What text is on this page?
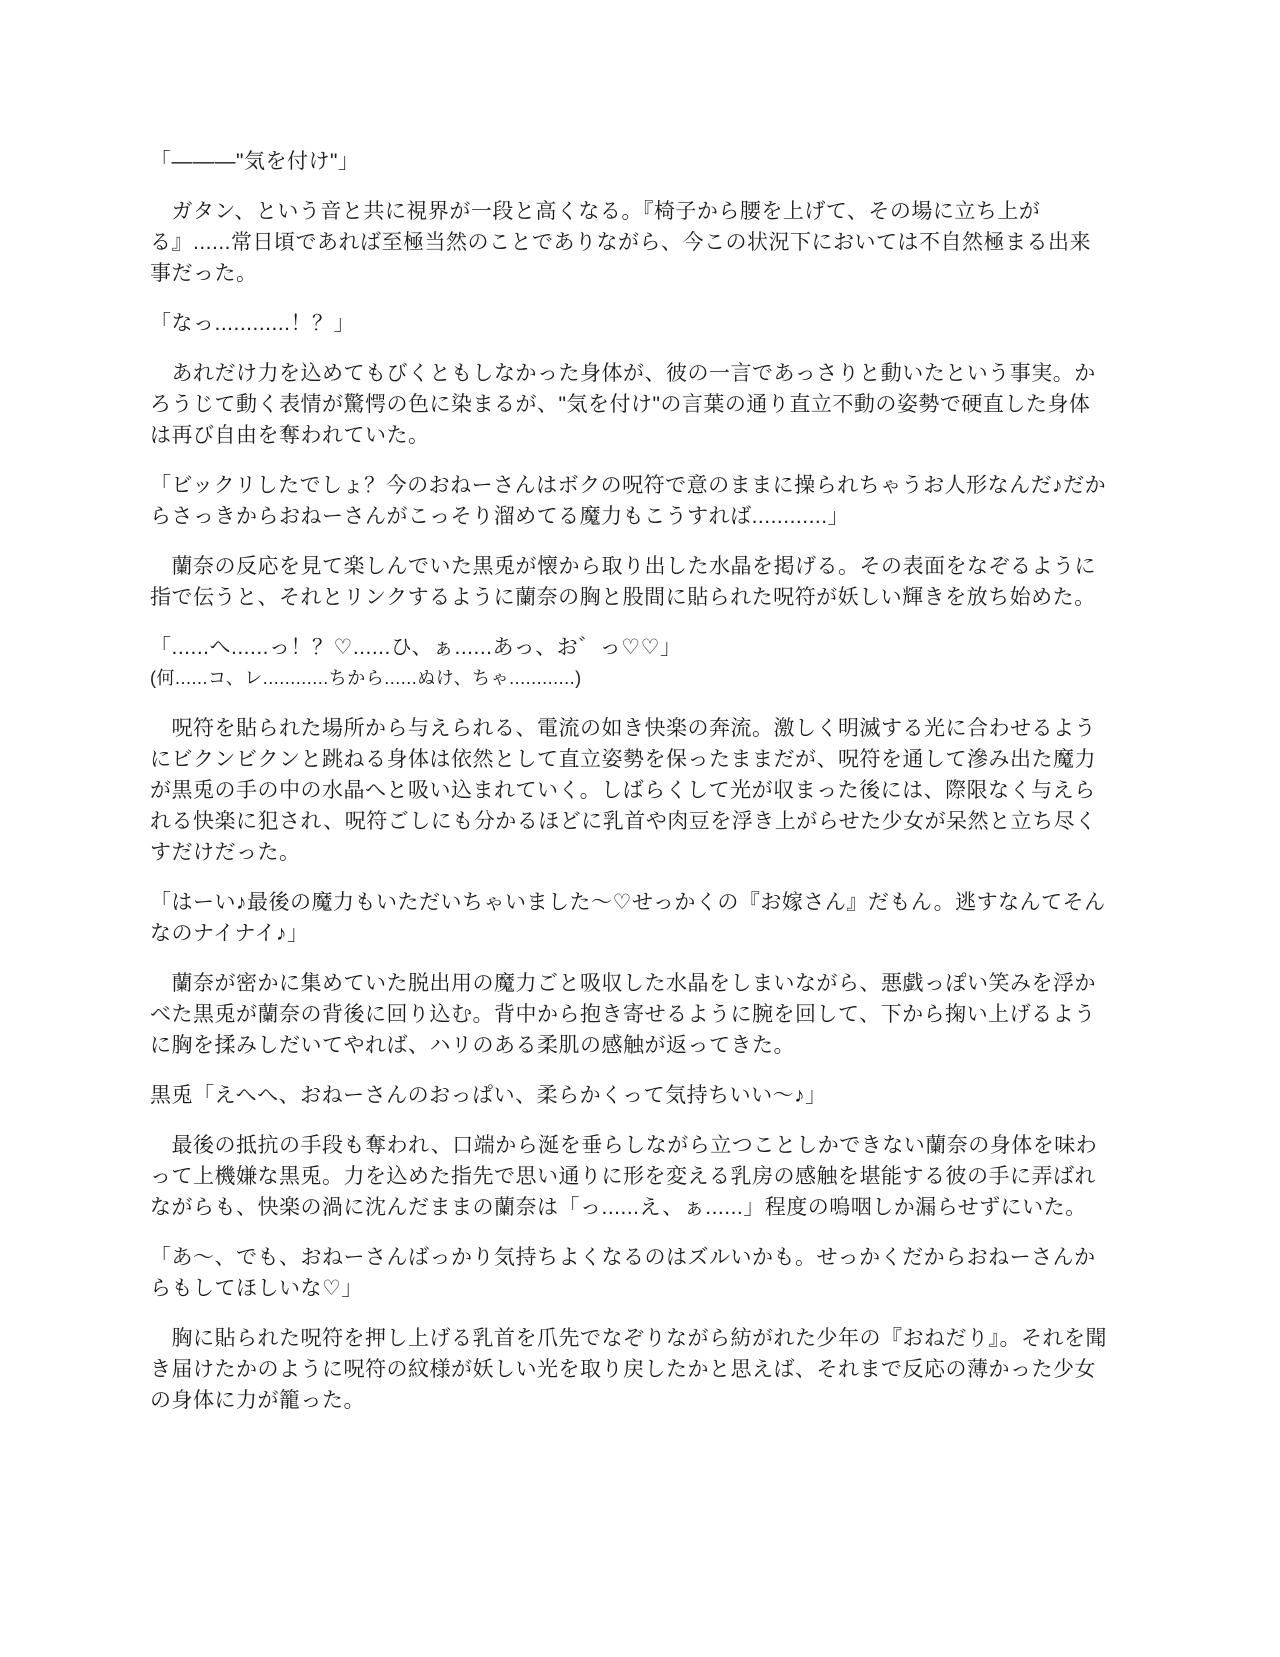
「———"気を付け"」

　ガタン、という音と共に視界が一段と高くなる。『椅子から腰を上げて、その場に立ち上がる』......常日頃であれば至極当然のことでありながら、今この状況下においては不自然極まる出来事だった。

「なっ............！？」

　あれだけ力を込めてもびくともしなかった身体が、彼の一言であっさりと動いたという事実。かろうじて動く表情が驚愕の色に染まるが、"気を付け"の言葉の通り直立不動の姿勢で硬直した身体は再び自由を奪われていた。

「ビックリしたでしょ？今のおねーさんはボクの呪符で意のままに操られちゃうお人形なんだ♪だからさっきからおねーさんがこっそり溜めてる魔力もこうすれば............」

　蘭奈の反応を見て楽しんでいた黒兎が懐から取り出した水晶を掲げる。その表面をなぞるように指で伝うと、それとリンクするように蘭奈の胸と股間に貼られた呪符が妖しい輝きを放ち始めた。

「......へ......っ！？♡......ひ、ぁ......あっ、お゛っ♡♡」

(何......コ、レ............ちから......ぬけ、ちゃ............)

　呪符を貼られた場所から与えられる、電流の如き快楽の奔流。激しく明滅する光に合わせるようにビクンビクンと跳ねる身体は依然として直立姿勢を保ったままだが、呪符を通して滲み出た魔力が黒兎の手の中の水晶へと吸い込まれていく。しばらくして光が収まった後には、際限なく与えられる快楽に犯され、呪符ごしにも分かるほどに乳首や肉豆を浮き上がらせた少女が呆然と立ち尽くすだけだった。

「はーい♪最後の魔力もいただいちゃいました〜♡せっかくの『お嫁さん』だもん。逃すなんてそんなのナイナイ♪」

　蘭奈が密かに集めていた脱出用の魔力ごと吸収した水晶をしまいながら、悪戯っぽい笑みを浮かべた黒兎が蘭奈の背後に回り込む。背中から抱き寄せるように腕を回して、下から掬い上げるように胸を揉みしだいてやれば、ハリのある柔肌の感触が返ってきた。

黒兎「えへへ、おねーさんのおっぱい、柔らかくって気持ちいい〜♪」

　最後の抵抗の手段も奪われ、口端から涎を垂らしながら立つことしかできない蘭奈の身体を味わって上機嫌な黒兎。力を込めた指先で思い通りに形を変える乳房の感触を堪能する彼の手に弄ばれながらも、快楽の渦に沈んだままの蘭奈は「っ......え、ぁ......」程度の嗚咽しか漏らせずにいた。

「あ〜、でも、おねーさんばっかり気持ちよくなるのはズルいかも。せっかくだからおねーさんからもしてほしいな♡」

　胸に貼られた呪符を押し上げる乳首を爪先でなぞりながら紡がれた少年の『おねだり』。それを聞き届けたかのように呪符の紋様が妖しい光を取り戻したかと思えば、それまで反応の薄かった少女の身体に力が籠った。
